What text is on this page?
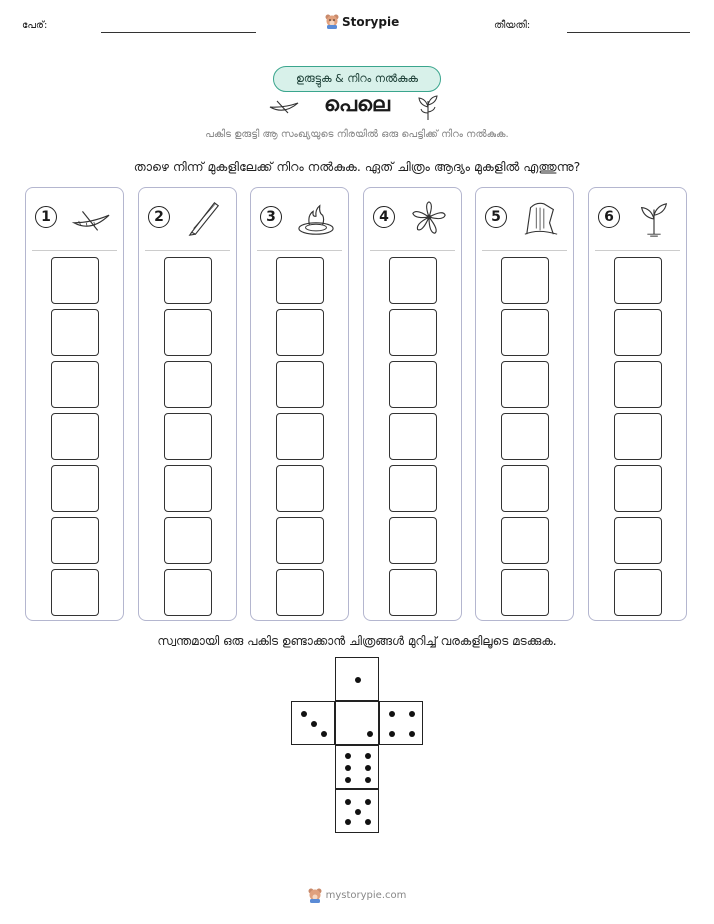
പേര്:	Storypie	തീയതി:
ഉരുട്ടുക & നിറം നൽകുക
പെലെ
പകിട ഉരുട്ടി ആ സംഖ്യയുടെ നിരയിൽ ഒരു പെട്ടിക്ക് നിറം നൽകുക.
താഴെ നിന്ന് മുകളിലേക്ക് നിറം നൽകുക. ഏത് ചിത്രം ആദ്യം മുകളിൽ എത്തുന്നു?
1	2	3	4	5	6
സ്വന്തമായി ഒരു പകിട ഉണ്ടാക്കാൻ ചിത്രങ്ങൾ മുറിച്ച് വരകളിലൂടെ മടക്കുക.
mystorypie.com
